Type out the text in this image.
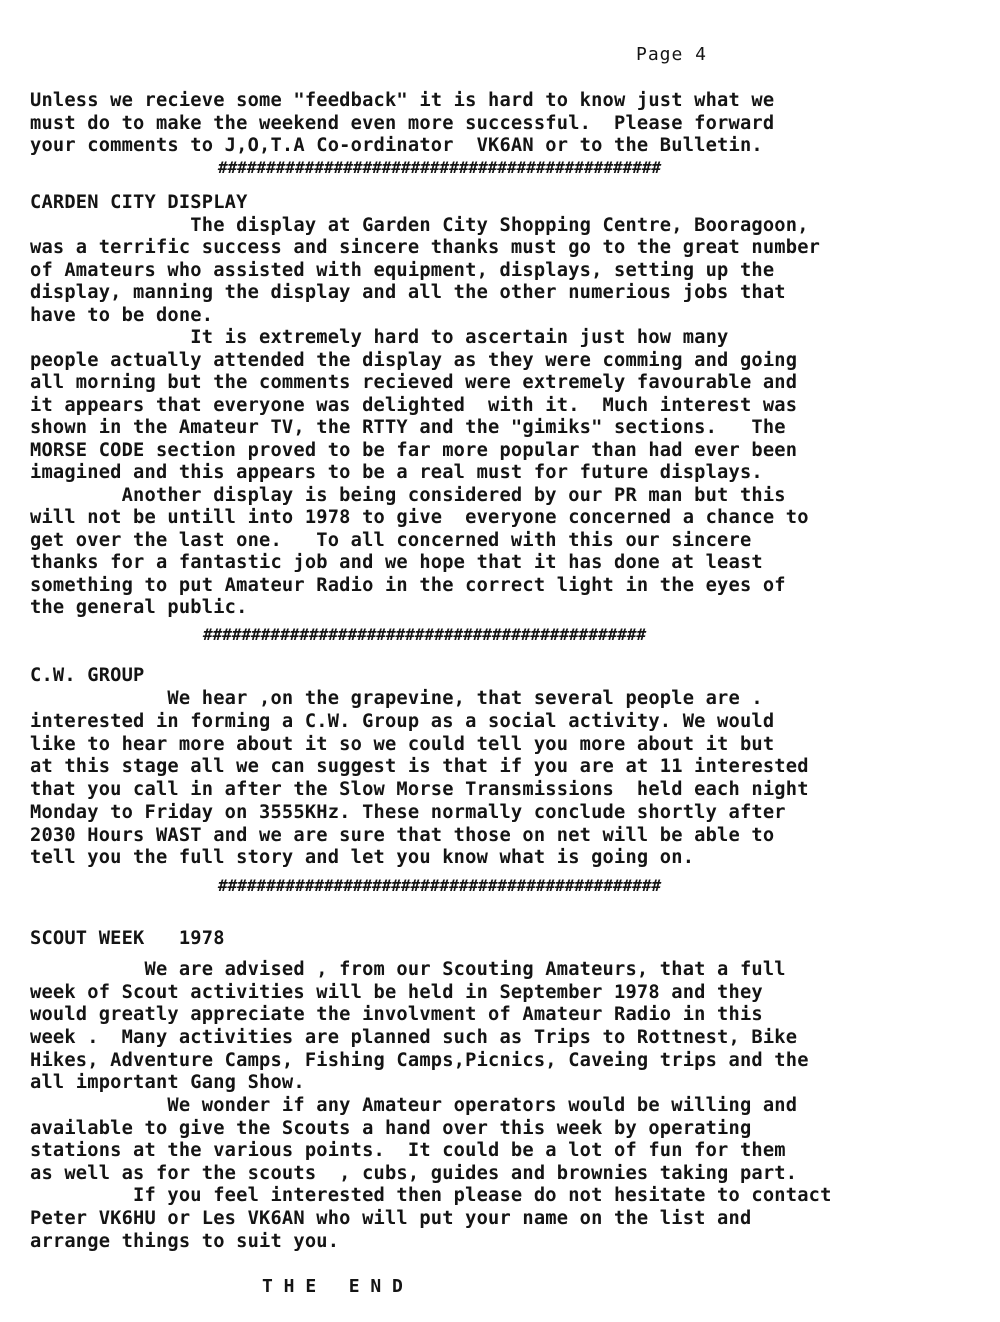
Page 4
Unless we recieve some "feedback" it is hard to know just what we
must do to make the weekend even more successful.  Please forward
your comments to J,O,T.A Co-ordinator  VK6AN or to the Bulletin.
##############################################
CARDEN CITY DISPLAY
The display at Garden City Shopping Centre, Booragoon,
was a terrific success and sincere thanks must go to the great number
of Amateurs who assisted with equipment, displays, setting up the
display, manning the display and all the other numerious jobs that
have to be done.
It is extremely hard to ascertain just how many
people actually attended the display as they were comming and going
all morning but the comments recieved were extremely favourable and
it appears that everyone was delighted  with it.  Much interest was
shown in the Amateur TV, the RTTY and the "gimiks" sections.   The
MORSE CODE section proved to be far more popular than had ever been
imagined and this appears to be a real must for future displays.
Another display is being considered by our PR man but this
will not be untill into 1978 to give  everyone concerned a chance to
get over the last one.   To all concerned with this our sincere
thanks for a fantastic job and we hope that it has done at least
something to put Amateur Radio in the correct light in the eyes of
the general public.
##############################################
C.W. GROUP
We hear ,on the grapevine, that several people are .
interested in forming a C.W. Group as a social activity. We would
like to hear more about it so we could tell you more about it but
at this stage all we can suggest is that if you are at 11 interested
that you call in after the Slow Morse Transmissions  held each night
Monday to Friday on 3555KHz. These normally conclude shortly after
2030 Hours WAST and we are sure that those on net will be able to
tell you the full story and let you know what is going on.
##############################################
SCOUT WEEK   1978
We are advised , from our Scouting Amateurs, that a full
week of Scout activities will be held in September 1978 and they
would greatly appreciate the involvment of Amateur Radio in this
week .  Many activities are planned such as Trips to Rottnest, Bike
Hikes, Adventure Camps, Fishing Camps,Picnics, Caveing trips and the
all important Gang Show.
We wonder if any Amateur operators would be willing and
available to give the Scouts a hand over this week by operating
stations at the various points.  It could be a lot of fun for them
as well as for the scouts  , cubs, guides and brownies taking part.
If you feel interested then please do not hesitate to contact
Peter VK6HU or Les VK6AN who will put your name on the list and
arrange things to suit you.
T H E   E N D
